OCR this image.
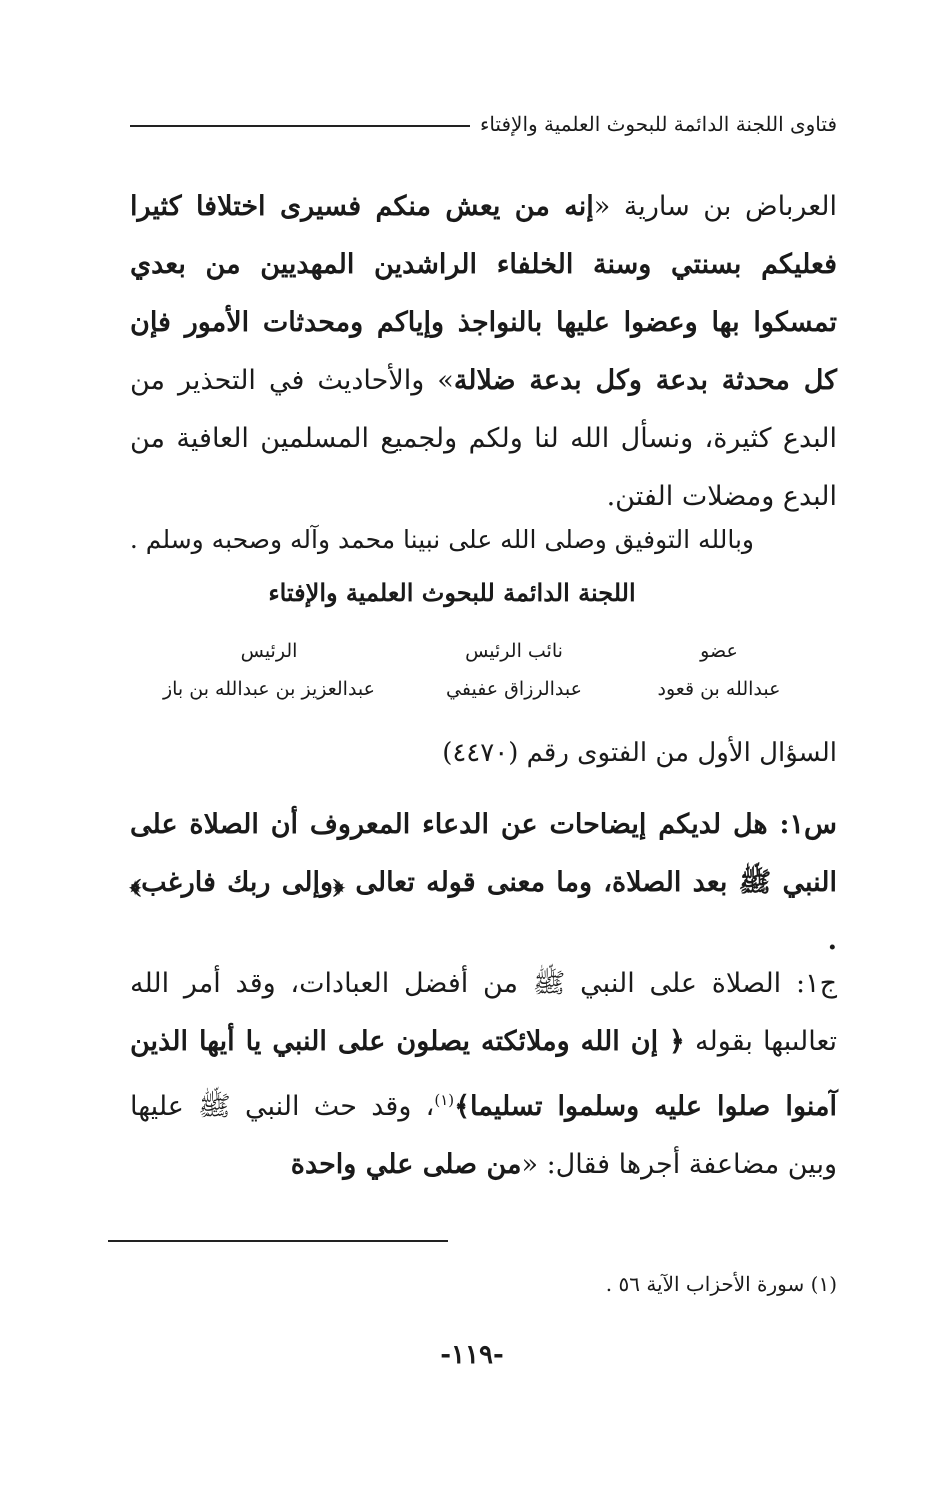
فتاوى اللجنة الدائمة للبحوث العلمية والإفتاء
العرباض بن سارية «إنه من يعش منكم فسيرى اختلافا كثيرا فعليكم بسنتي وسنة الخلفاء الراشدين المهديين من بعدي تمسكوا بها وعضوا عليها بالنواجذ وإياكم ومحدثات الأمور فإن كل محدثة بدعة وكل بدعة ضلالة» والأحاديث في التحذير من البدع كثيرة، ونسأل الله لنا ولكم ولجميع المسلمين العافية من البدع ومضلات الفتن.
وبالله التوفيق وصلى الله على نبينا محمد وآله وصحبه وسلم .
اللجنة الدائمة للبحوث العلمية والإفتاء
عضو
عبدالله بن قعود
نائب الرئيس
عبدالرزاق عفيفي
الرئيس
عبدالعزيز بن عبدالله بن باز
السؤال الأول من الفتوى رقم (٤٤٧٠)
س١: هل لديكم إيضاحات عن الدعاء المعروف أن الصلاة على النبي ﷺ بعد الصلاة، وما معنى قوله تعالى ﴿وإلى ربك فارغب﴾ .
ج١: الصلاة على النبي ﷺ من أفضل العبادات، وقد أمر الله تعالىبها بقوله ﴿ إن الله وملائكته يصلون على النبي يا أيها الذين آمنوا صلوا عليه وسلموا تسليما﴾$^{(١)}$، وقد حث النبي ﷺ عليها وبين مضاعفة أجرها فقال: «من صلى علي واحدة
(١) سورة الأحزاب الآية ٥٦ .
-١١٩-
